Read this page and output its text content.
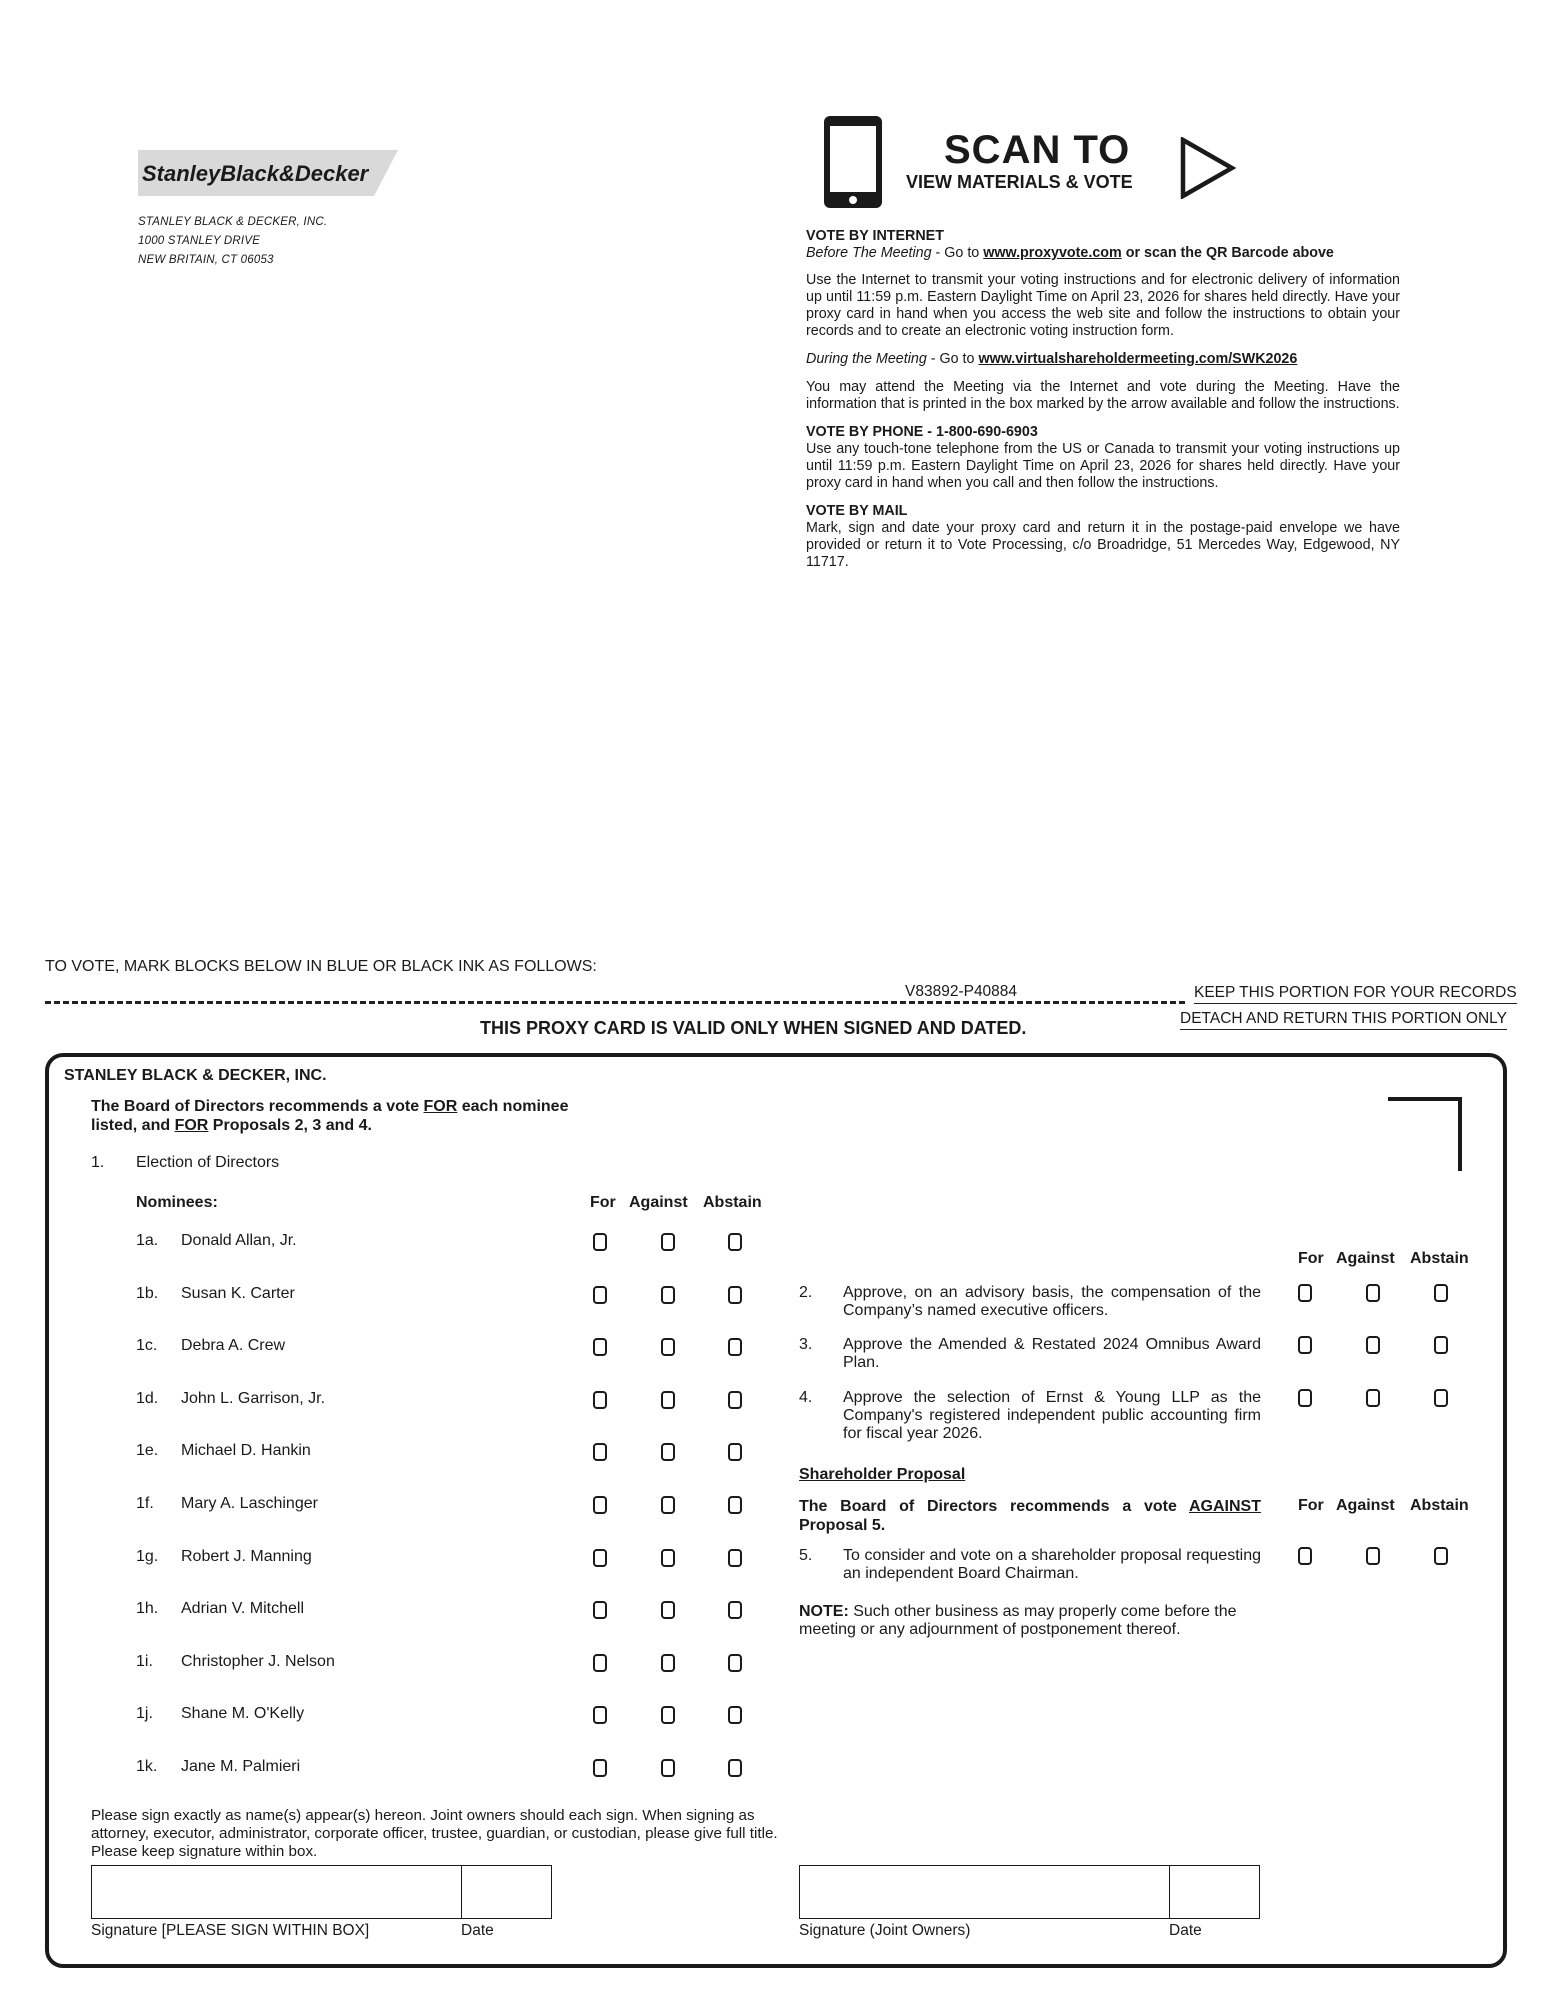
StanleyBlack&Decker
STANLEY BLACK & DECKER, INC.
1000 STANLEY DRIVE
NEW BRITAIN, CT 06053
SCAN TO
VIEW MATERIALS & VOTE
VOTE BY INTERNET
Before The Meeting - Go to www.proxyvote.com or scan the QR Barcode above
Use the Internet to transmit your voting instructions and for electronic delivery of information up until 11:59 p.m. Eastern Daylight Time on April 23, 2026 for shares held directly. Have your proxy card in hand when you access the web site and follow the instructions to obtain your records and to create an electronic voting instruction form.
During the Meeting - Go to www.virtualshareholdermeeting.com/SWK2026
You may attend the Meeting via the Internet and vote during the Meeting. Have the information that is printed in the box marked by the arrow available and follow the instructions.
VOTE BY PHONE - 1-800-690-6903
Use any touch-tone telephone from the US or Canada to transmit your voting instructions up until 11:59 p.m. Eastern Daylight Time on April 23, 2026 for shares held directly. Have your proxy card in hand when you call and then follow the instructions.
VOTE BY MAIL
Mark, sign and date your proxy card and return it in the postage-paid envelope we have provided or return it to Vote Processing, c/o Broadridge, 51 Mercedes Way, Edgewood, NY 11717.
TO VOTE, MARK BLOCKS BELOW IN BLUE OR BLACK INK AS FOLLOWS:
V83892-P40884	KEEP THIS PORTION FOR YOUR RECORDS
DETACH AND RETURN THIS PORTION ONLY
THIS PROXY CARD IS VALID ONLY WHEN SIGNED AND DATED.
STANLEY BLACK & DECKER, INC.
The Board of Directors recommends a vote FOR each nominee listed, and FOR Proposals 2, 3 and 4.
1. Election of Directors
Nominees:	For Against Abstain
1a. Donald Allan, Jr.
1b. Susan K. Carter
1c. Debra A. Crew
1d. John L. Garrison, Jr.
1e. Michael D. Hankin
1f. Mary A. Laschinger
1g. Robert J. Manning
1h. Adrian V. Mitchell
1i. Christopher J. Nelson
1j. Shane M. O'Kelly
1k. Jane M. Palmieri
For Against Abstain
2. Approve, on an advisory basis, the compensation of the Company’s named executive officers.
3. Approve the Amended & Restated 2024 Omnibus Award Plan.
4. Approve the selection of Ernst & Young LLP as the Company's registered independent public accounting firm for fiscal year 2026.
Shareholder Proposal
The Board of Directors recommends a vote AGAINST Proposal 5.
For Against Abstain
5. To consider and vote on a shareholder proposal requesting an independent Board Chairman.
NOTE: Such other business as may properly come before the meeting or any adjournment of postponement thereof.
Please sign exactly as name(s) appear(s) hereon. Joint owners should each sign. When signing as attorney, executor, administrator, corporate officer, trustee, guardian, or custodian, please give full title. Please keep signature within box.
Signature [PLEASE SIGN WITHIN BOX]	Date	Signature (Joint Owners)	Date
